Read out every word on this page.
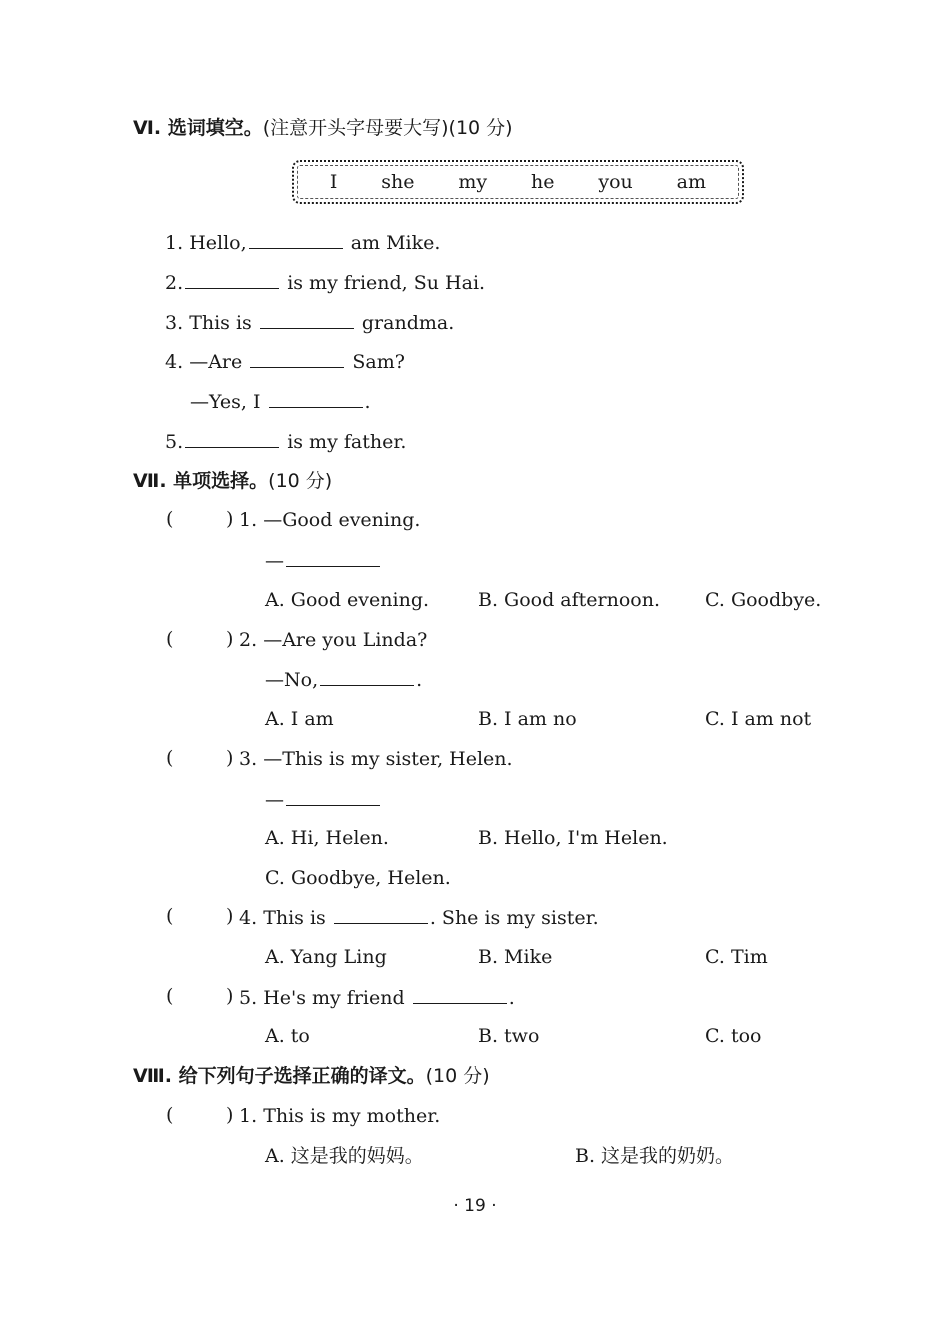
Ⅵ. 选词填空。(注意开头字母要大写)(10 分)
I she my he you am
1. Hello,	am Mike.
2.	is my friend, Su Hai.
3. This is	grandma.
4. —Are	Sam?
—Yes, I	.
5.	is my father.
Ⅶ. 单项选择。(10 分)
(	) 1. —Good evening.
—
A. Good evening.	B. Good afternoon. C. Goodbye.
(	) 2. —Are you Linda?
—No,	.
A. I am	B. I am no	C. I am not
(	) 3. —This is my sister, Helen.
—
A. Hi, Helen.	B. Hello, I'm Helen.
C. Goodbye, Helen.
(	) 4. This is	. She is my sister.
A. Yang Ling	B. Mike	C. Tim
(	) 5. He's my friend	.
A. to	B. two	C. too
Ⅷ. 给下列句子选择正确的译文。(10 分)
(	) 1. This is my mother.
A. 这是我的妈妈。	B. 这是我的奶奶。
· 19 ·
